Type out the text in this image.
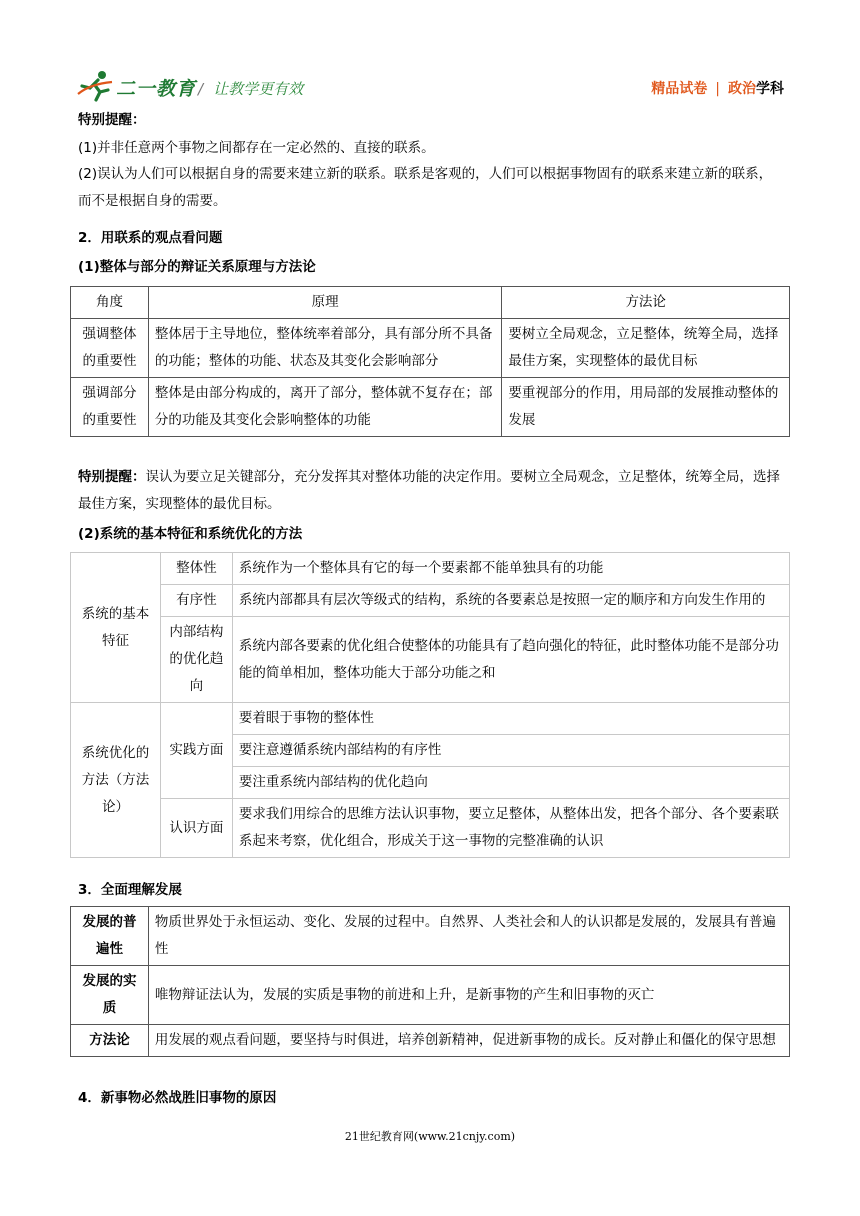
二一教育 / 让教学更有效	精品试卷 | 政治学科
特别提醒：
(1)并非任意两个事物之间都存在一定必然的、直接的联系。
(2)误认为人们可以根据自身的需要来建立新的联系。联系是客观的，人们可以根据事物固有的联系来建立新的联系，而不是根据自身的需要。
2．用联系的观点看问题
(1)整体与部分的辩证关系原理与方法论
角度	原理	方法论
强调整体的重要性	整体居于主导地位，整体统率着部分，具有部分所不具备的功能；整体的功能、状态及其变化会影响部分	要树立全局观念，立足整体，统筹全局，选择最佳方案，实现整体的最优目标
强调部分的重要性	整体是由部分构成的，离开了部分，整体就不复存在；部分的功能及其变化会影响整体的功能	要重视部分的作用，用局部的发展推动整体的发展
特别提醒：误认为要立足关键部分，充分发挥其对整体功能的决定作用。要树立全局观念，立足整体，统筹全局，选择最佳方案，实现整体的最优目标。
(2)系统的基本特征和系统优化的方法
系统的基本特征	整体性	系统作为一个整体具有它的每一个要素都不能单独具有的功能
	有序性	系统内部都具有层次等级式的结构，系统的各要素总是按照一定的顺序和方向发生作用的
	内部结构的优化趋向	系统内部各要素的优化组合使整体的功能具有了趋向强化的特征，此时整体功能不是部分功能的简单相加，整体功能大于部分功能之和
系统优化的方法（方法论）	实践方面	要着眼于事物的整体性
		要注意遵循系统内部结构的有序性
		要注重系统内部结构的优化趋向
	认识方面	要求我们用综合的思维方法认识事物，要立足整体，从整体出发，把各个部分、各个要素联系起来考察，优化组合，形成关于这一事物的完整准确的认识
3．全面理解发展
发展的普遍性	物质世界处于永恒运动、变化、发展的过程中。自然界、人类社会和人的认识都是发展的，发展具有普遍性
发展的实质	唯物辩证法认为，发展的实质是事物的前进和上升，是新事物的产生和旧事物的灭亡
方法论	用发展的观点看问题，要坚持与时俱进，培养创新精神，促进新事物的成长。反对静止和僵化的保守思想
4．新事物必然战胜旧事物的原因
21世纪教育网(www.21cnjy.com)
